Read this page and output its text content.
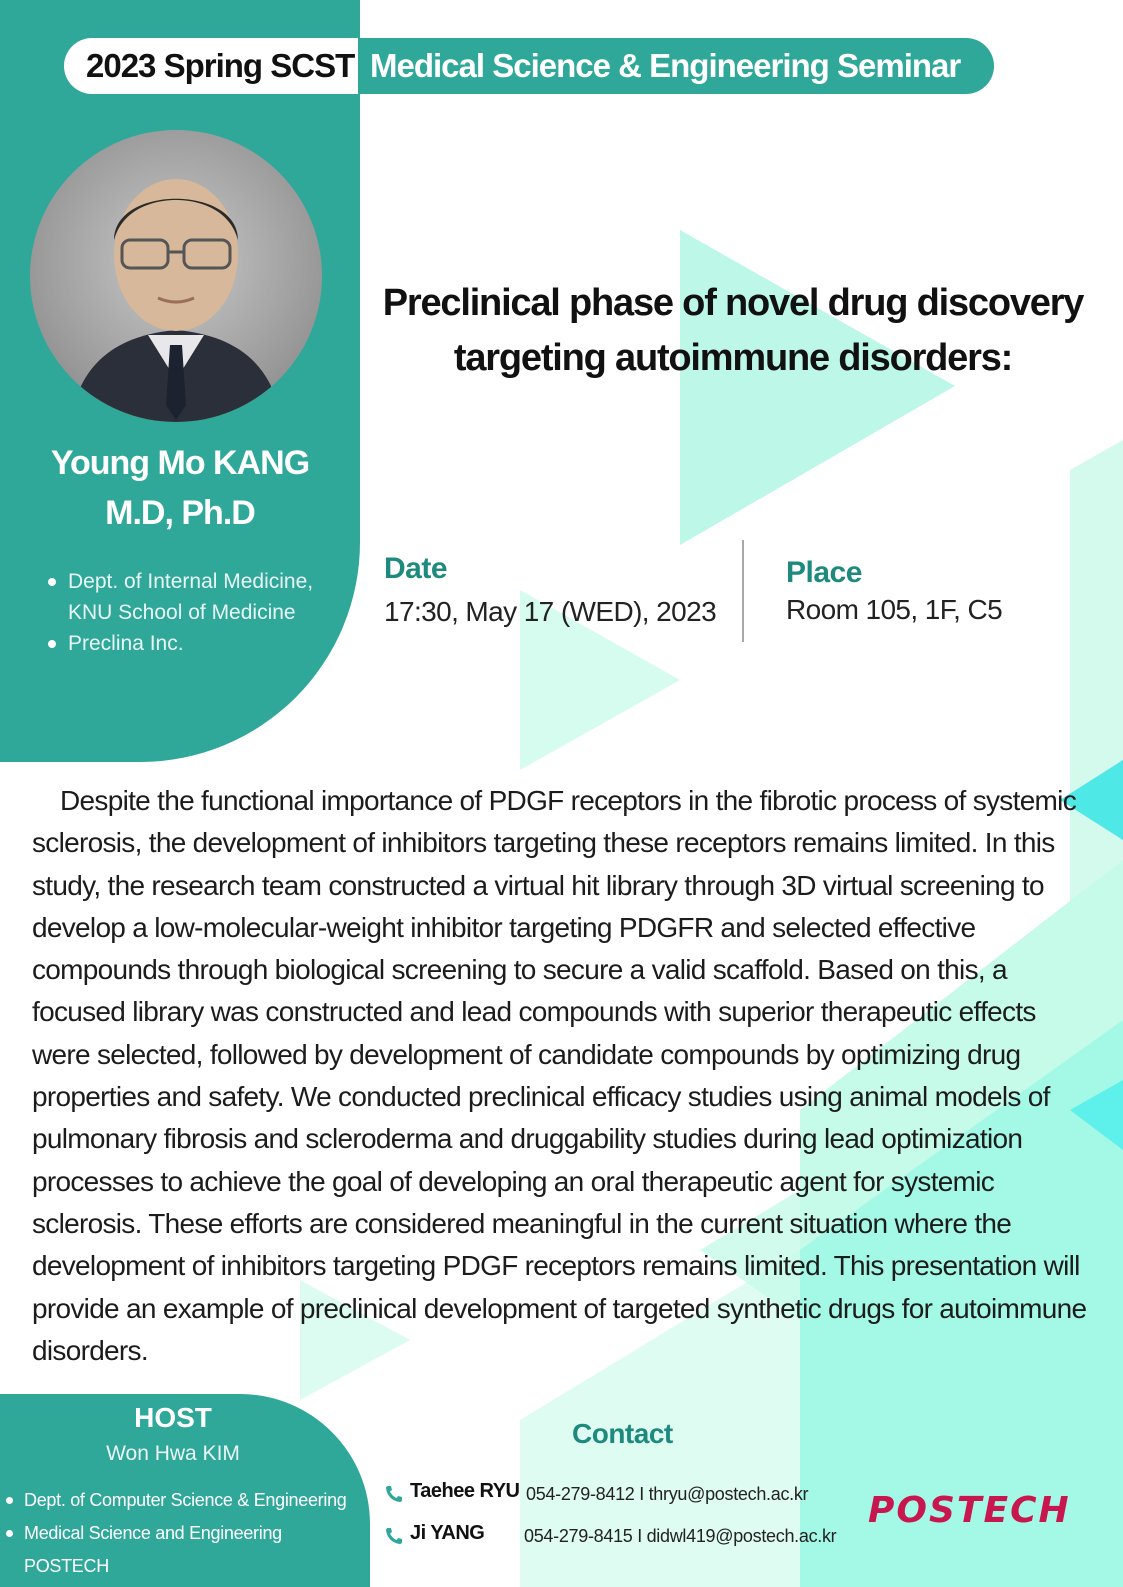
2023 Spring SCST Medical Science & Engineering Seminar
Young Mo KANG
M.D, Ph.D
Dept. of Internal Medicine,
KNU School of Medicine
Preclina Inc.
Preclinical phase of novel drug discovery
targeting autoimmune disorders:
Date
17:30, May 17 (WED), 2023
Place
Room 105, 1F, C5

Despite the functional importance of PDGF receptors in the fibrotic process of systemic sclerosis, the development of inhibitors targeting these receptors remains limited. In this study, the research team constructed a virtual hit library through 3D virtual screening to develop a low-molecular-weight inhibitor targeting PDGFR and selected effective compounds through biological screening to secure a valid scaffold. Based on this, a focused library was constructed and lead compounds with superior therapeutic effects were selected, followed by development of candidate compounds by optimizing drug properties and safety. We conducted preclinical efficacy studies using animal models of pulmonary fibrosis and scleroderma and druggability studies during lead optimization processes to achieve the goal of developing an oral therapeutic agent for systemic sclerosis. These efforts are considered meaningful in the current situation where the development of inhibitors targeting PDGF receptors remains limited. This presentation will provide an example of preclinical development of targeted synthetic drugs for autoimmune disorders.

HOST
Won Hwa KIM
Dept. of Computer Science & Engineering
Medical Science and Engineering
POSTECH
Contact
Taehee RYU 054-279-8412 I thryu@postech.ac.kr
Ji YANG 054-279-8415 I didwl419@postech.ac.kr
POSTECH
